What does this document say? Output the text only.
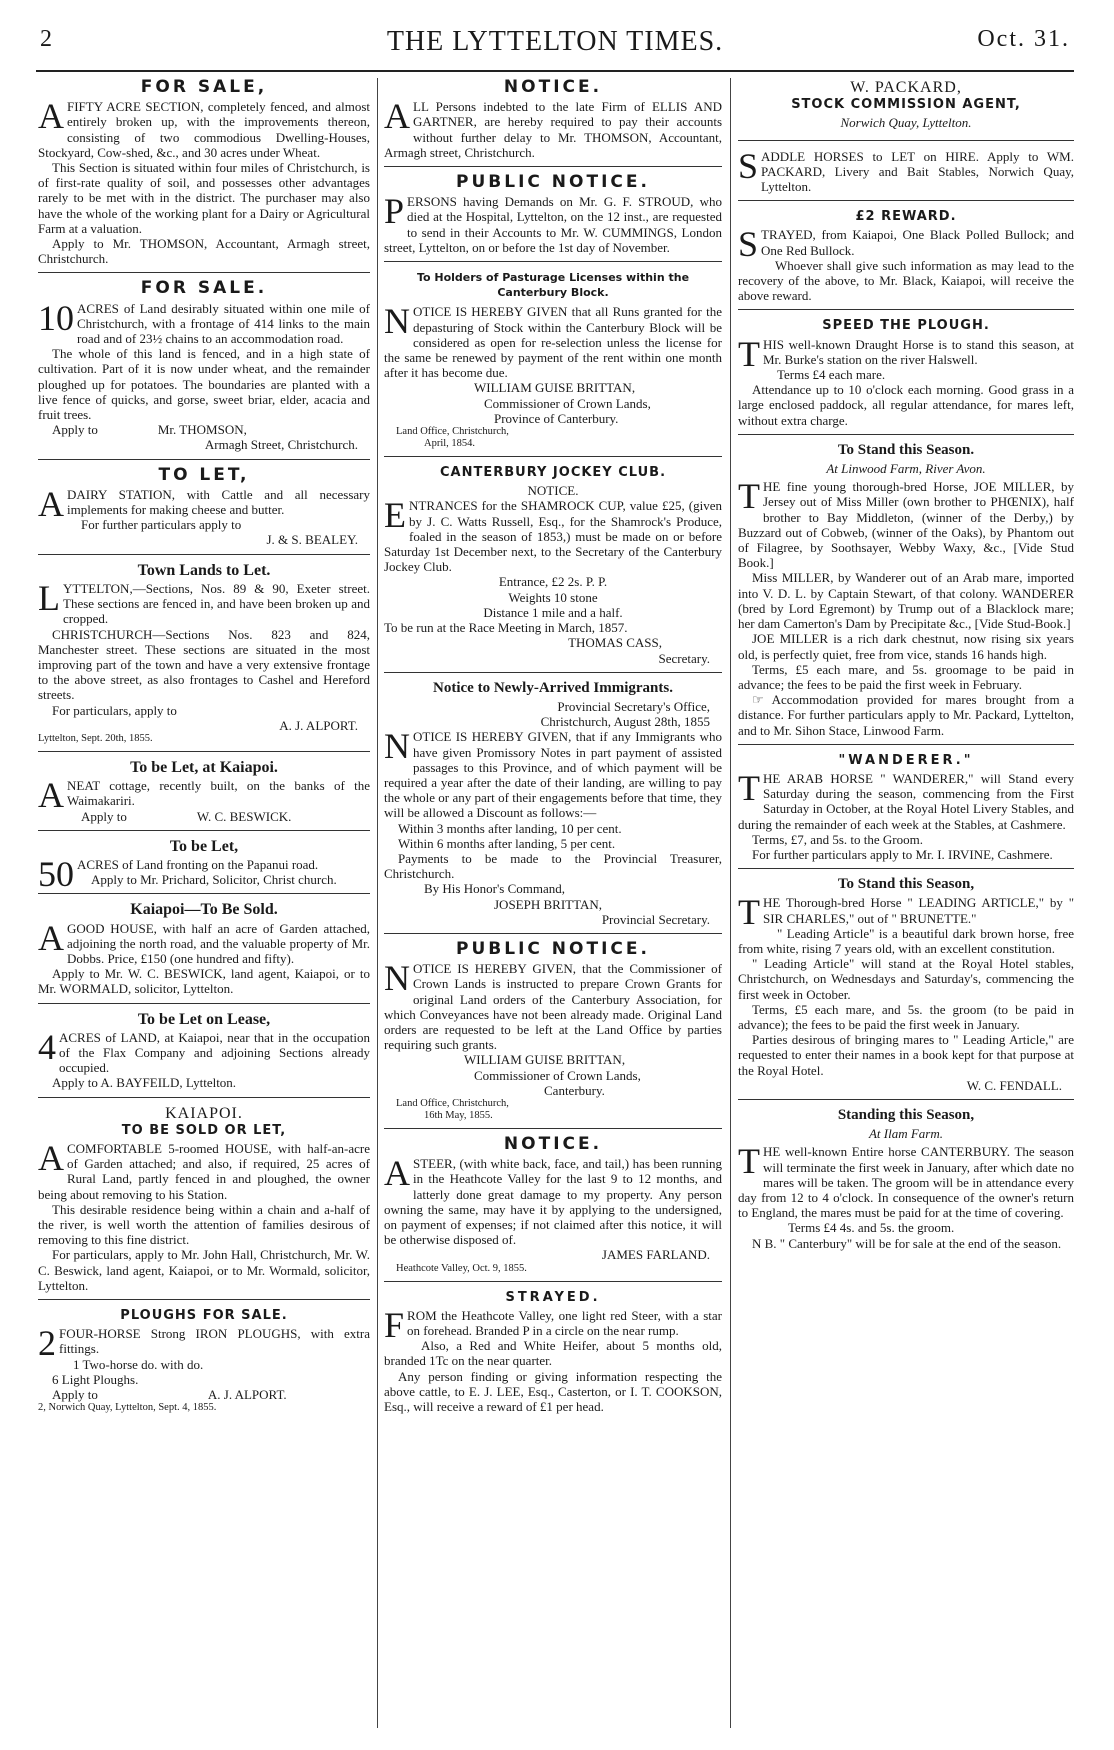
2	THE LYTTELTON TIMES.	Oct. 31.
FOR SALE,

AFIFTY ACRE SECTION, completely fenced, and almost entirely broken up, with the improvements thereon, consisting of two commodious Dwelling-Houses, Stockyard, Cow-shed, &c., and 30 acres under Wheat.

This Section is situated within four miles of Christchurch, is of first-rate quality of soil, and possesses other advantages rarely to be met with in the district. The purchaser may also have the whole of the working plant for a Dairy or Agricultural Farm at a valuation.

Apply to Mr. THOMSON, Accountant, Armagh street, Christchurch.

FOR SALE.

10 ACRES of Land desirably situated within one mile of Christchurch, with a frontage of 414 links to the main road and of 23½ chains to an accommodation road.

The whole of this land is fenced, and in a high state of cultivation. Part of it is now under wheat, and the remainder ploughed up for potatoes. The boundaries are planted with a live fence of quicks, and gorse, sweet briar, elder, acacia and fruit trees.

Apply to	Mr. THOMSON,

Armagh Street, Christchurch.

TO LET,

ADAIRY STATION, with Cattle and all necessary implements for making cheese and butter.

For further particulars apply to

J. & S. BEALEY.

Town Lands to Let.

LYTTELTON,—Sections, Nos. 89 & 90, Exeter street. These sections are fenced in, and have been broken up and cropped.

CHRISTCHURCH—Sections Nos. 823 and 824, Manchester street. These sections are situated in the most improving part of the town and have a very extensive frontage to the above street, as also frontages to Cashel and Hereford streets.

For particulars, apply to

A. J. ALPORT.

Lyttelton, Sept. 20th, 1855.

To be Let, at Kaiapoi.

ANEAT cottage, recently built, on the banks of the Waimakariri.

Apply to	W. C. BESWICK.

To be Let,

50 ACRES of Land fronting on the Papanui road.

Apply to Mr. Prichard, Solicitor, Christ church.

Kaiapoi—To Be Sold.

AGOOD HOUSE, with half an acre of Garden attached, adjoining the north road, and the valuable property of Mr. Dobbs. Price, £150 (one hundred and fifty).

Apply to Mr. W. C. BESWICK, land agent, Kaiapoi, or to Mr. WORMALD, solicitor, Lyttelton.

To be Let on Lease,

4 ACRES of LAND, at Kaiapoi, near that in the occupation of the Flax Company and adjoining Sections already occupied.

Apply to A. BAYFEILD, Lyttelton.

KAIAPOI.
TO BE SOLD OR LET,

ACOMFORTABLE 5-roomed HOUSE, with half-an-acre of Garden attached; and also, if required, 25 acres of Rural Land, partly fenced in and ploughed, the owner being about removing to his Station.

This desirable residence being within a chain and a-half of the river, is well worth the attention of families desirous of removing to this fine district.

For particulars, apply to Mr. John Hall, Christchurch, Mr. W. C. Beswick, land agent, Kaiapoi, or to Mr. Wormald, solicitor, Lyttelton.

PLOUGHS FOR SALE.

2 FOUR-HORSE Strong IRON PLOUGHS, with extra fittings.

1 Two-horse do. with do.

6 Light Ploughs.

Apply to	A. J. ALPORT.

2, Norwich Quay, Lyttelton, Sept. 4, 1855.

NOTICE.

ALL Persons indebted to the late Firm of ELLIS AND GARTNER, are hereby required to pay their accounts without further delay to Mr. THOMSON, Accountant, Armagh street, Christchurch.

PUBLIC NOTICE.

PERSONS having Demands on Mr. G. F. STROUD, who died at the Hospital, Lyttelton, on the 12 inst., are requested to send in their Accounts to Mr. W. CUMMINGS, London street, Lyttelton, on or before the 1st day of November.

To Holders of Pasturage Licenses within the Canterbury Block.

NOTICE IS HEREBY GIVEN that all Runs granted for the depasturing of Stock within the Canterbury Block will be considered as open for re-selection unless the license for the same be renewed by payment of the rent within one month after it has become due.

WILLIAM GUISE BRITTAN,

Commissioner of Crown Lands,

Province of Canterbury.

Land Office, Christchurch,

April, 1854.

CANTERBURY JOCKEY CLUB.
NOTICE.

ENTRANCES for the SHAMROCK CUP, value £25, (given by J. C. Watts Russell, Esq., for the Shamrock's Produce, foaled in the season of 1853,) must be made on or before Saturday 1st December next, to the Secretary of the Canterbury Jockey Club.

Entrance, £2 2s. P. P.

Weights 10 stone

Distance 1 mile and a half.

To be run at the Race Meeting in March, 1857.

THOMAS CASS,

Secretary.

Notice to Newly-Arrived Immigrants.

Provincial Secretary's Office,

Christchurch, August 28th, 1855

NOTICE IS HEREBY GIVEN, that if any Immigrants who have given Promissory Notes in part payment of assisted passages to this Province, and of which payment will be required a year after the date of their landing, are willing to pay the whole or any part of their engagements before that time, they will be allowed a Discount as follows:—

Within 3 months after landing, 10 per cent.

Within 6 months after landing, 5 per cent.

Payments to be made to the Provincial Treasurer, Christchurch.

By His Honor's Command,

JOSEPH BRITTAN,

Provincial Secretary.

PUBLIC NOTICE.

NOTICE IS HEREBY GIVEN, that the Commissioner of Crown Lands is instructed to prepare Crown Grants for original Land orders of the Canterbury Association, for which Conveyances have not been already made. Original Land orders are requested to be left at the Land Office by parties requiring such grants.

WILLIAM GUISE BRITTAN,

Commissioner of Crown Lands,

Canterbury.

Land Office, Christchurch,

16th May, 1855.

NOTICE.

ASTEER, (with white back, face, and tail,) has been running in the Heathcote Valley for the last 9 to 12 months, and latterly done great damage to my property. Any person owning the same, may have it by applying to the undersigned, on payment of expenses; if not claimed after this notice, it will be otherwise disposed of.

JAMES FARLAND.

Heathcote Valley, Oct. 9, 1855.

STRAYED.

FROM the Heathcote Valley, one light red Steer, with a star on forehead. Branded P in a circle on the near rump.

Also, a Red and White Heifer, about 5 months old, branded 1Tc on the near quarter.

Any person finding or giving information respecting the above cattle, to E. J. LEE, Esq., Casterton, or I. T. COOKSON, Esq., will receive a reward of £1 per head.

W. PACKARD,
STOCK COMMISSION AGENT,
Norwich Quay, Lyttelton.

SADDLE HORSES to LET on HIRE. Apply to WM. PACKARD, Livery and Bait Stables, Norwich Quay, Lyttelton.

£2 REWARD.

STRAYED, from Kaiapoi, One Black Polled Bullock; and One Red Bullock.

Whoever shall give such information as may lead to the recovery of the above, to Mr. Black, Kaiapoi, will receive the above reward.

SPEED THE PLOUGH.

THIS well-known Draught Horse is to stand this season, at Mr. Burke's station on the river Halswell.

Terms £4 each mare.

Attendance up to 10 o'clock each morning. Good grass in a large enclosed paddock, all regular attendance, for mares left, without extra charge.

To Stand this Season.
At Linwood Farm, River Avon.

THE fine young thorough-bred Horse, JOE MILLER, by Jersey out of Miss Miller (own brother to PHŒNIX), half brother to Bay Middleton, (winner of the Derby,) by Buzzard out of Cobweb, (winner of the Oaks), by Phantom out of Filagree, by Soothsayer, Webby Waxy, &c., [Vide Stud Book.]

Miss MILLER, by Wanderer out of an Arab mare, imported into V. D. L. by Captain Stewart, of that colony. WANDERER (bred by Lord Egremont) by Trump out of a Blacklock mare; her dam Camerton's Dam by Precipitate &c., [Vide Stud-Book.]

JOE MILLER is a rich dark chestnut, now rising six years old, is perfectly quiet, free from vice, stands 16 hands high.

Terms, £5 each mare, and 5s. groomage to be paid in advance; the fees to be paid the first week in February.

☞ Accommodation provided for mares brought from a distance. For further particulars apply to Mr. Packard, Lyttelton, and to Mr. Sihon Stace, Linwood Farm.

"WANDERER."

THE ARAB HORSE " WANDERER," will Stand every Saturday during the season, commencing from the First Saturday in October, at the Royal Hotel Livery Stables, and during the remainder of each week at the Stables, at Cashmere.

Terms, £7, and 5s. to the Groom.

For further particulars apply to Mr. I. IRVINE, Cashmere.

To Stand this Season,

THE Thorough-bred Horse " LEADING ARTICLE," by " SIR CHARLES," out of " BRUNETTE."

" Leading Article" is a beautiful dark brown horse, free from white, rising 7 years old, with an excellent constitution.

" Leading Article" will stand at the Royal Hotel stables, Christchurch, on Wednesdays and Saturday's, commencing the first week in October.

Terms, £5 each mare, and 5s. the groom (to be paid in advance); the fees to be paid the first week in January.

Parties desirous of bringing mares to " Leading Article," are requested to enter their names in a book kept for that purpose at the Royal Hotel.

W. C. FENDALL.

Standing this Season,
At Ilam Farm.

THE well-known Entire horse CANTERBURY. The season will terminate the first week in January, after which date no mares will be taken. The groom will be in attendance every day from 12 to 4 o'clock. In consequence of the owner's return to England, the mares must be paid for at the time of covering.

Terms £4 4s. and 5s. the groom.

N B. " Canterbury" will be for sale at the end of the season.
